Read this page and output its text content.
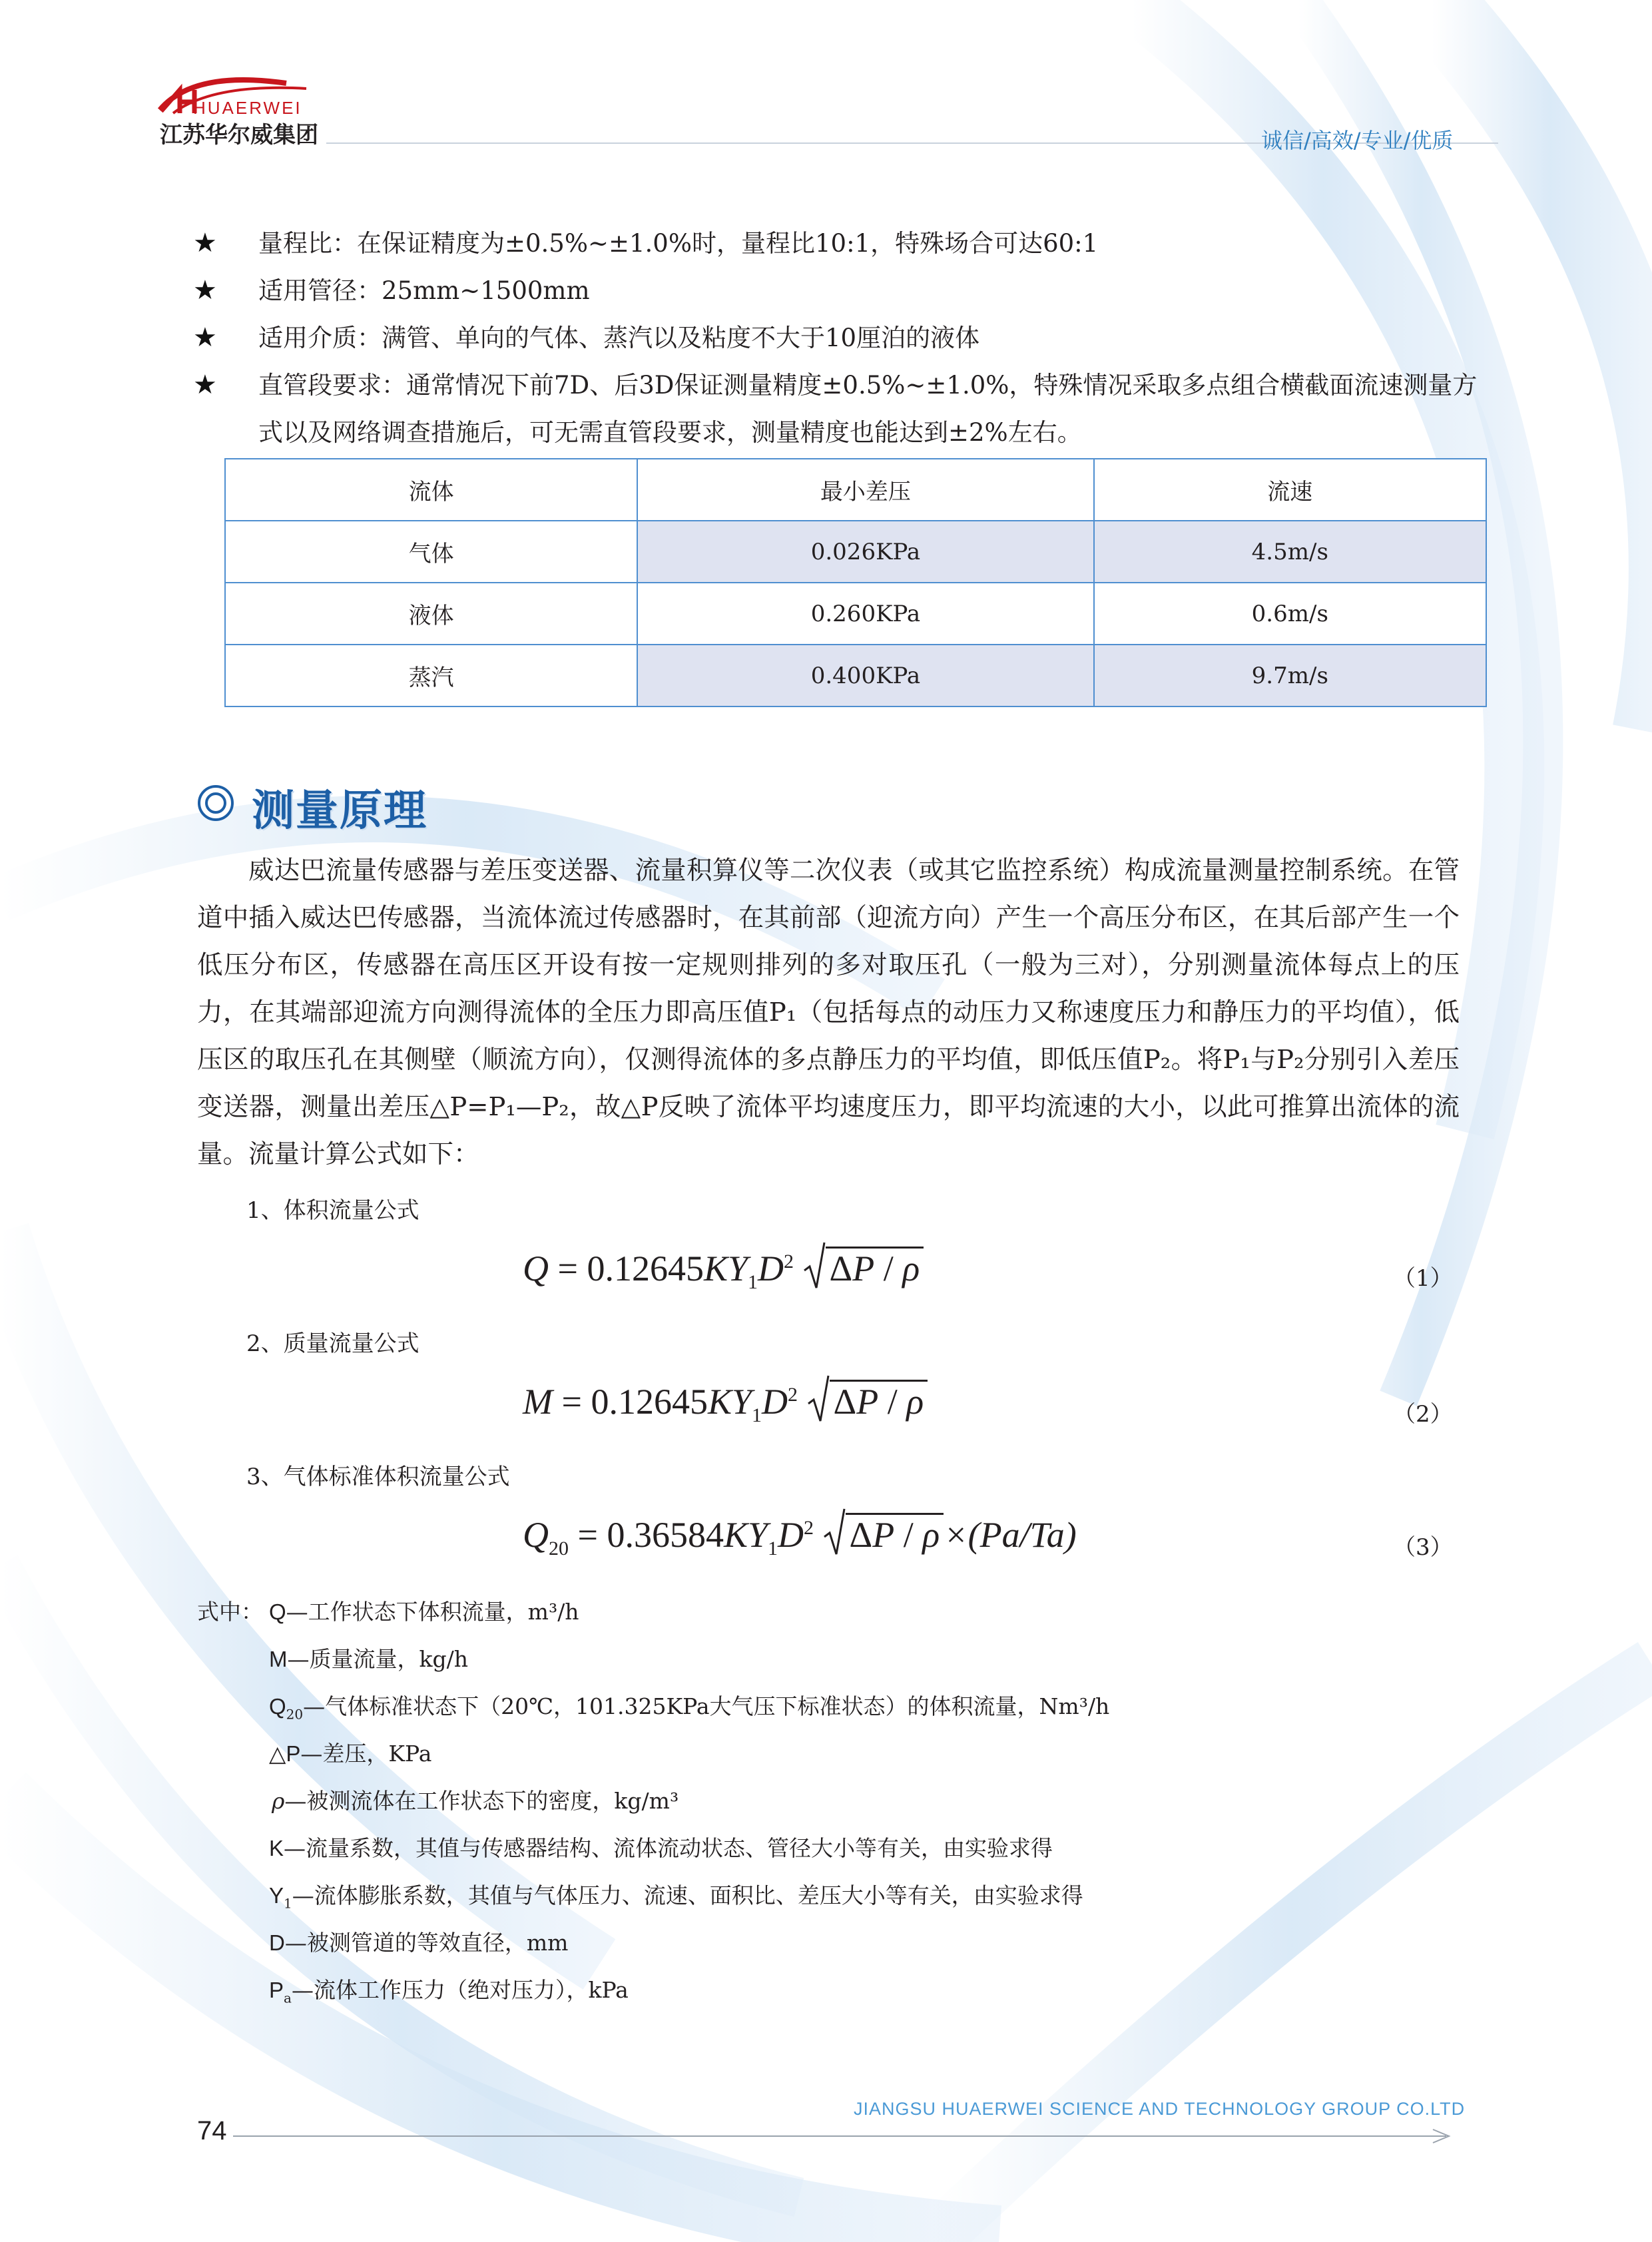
HUAERWEI
江苏华尔威集团	诚信/高效/专业/优质
★ 量程比：在保证精度为±0.5%~±1.0%时，量程比10:1，特殊场合可达60:1
★ 适用管径：25mm~1500mm
★ 适用介质：满管、单向的气体、蒸汽以及粘度不大于10厘泊的液体
★ 直管段要求：通常情况下前7D、后3D保证测量精度±0.5%~±1.0%，特殊情况采取多点组合横截面流速测量方式以及网络调查措施后，可无需直管段要求，测量精度也能达到±2%左右。
流体	最小差压	流速
气体	0.026KPa	4.5m/s
液体	0.260KPa	0.6m/s
蒸汽	0.400KPa	9.7m/s
测量原理

威达巴流量传感器与差压变送器、流量积算仪等二次仪表（或其它监控系统）构成流量测量控制系统。在管道中插入威达巴传感器，当流体流过传感器时，在其前部（迎流方向）产生一个高压分布区，在其后部产生一个低压分布区，传感器在高压区开设有按一定规则排列的多对取压孔（一般为三对），分别测量流体每点上的压力，在其端部迎流方向测得流体的全压力即高压值P₁（包括每点的动压力又称速度压力和静压力的平均值），低压区的取压孔在其侧壁（顺流方向），仅测得流体的多点静压力的平均值，即低压值P₂。将P₁与P₂分别引入差压变送器，测量出差压△P=P₁—P₂，故△P反映了流体平均速度压力，即平均流速的大小，以此可推算出流体的流量。流量计算公式如下：

1、体积流量公式
$Q = 0.12645KY_1D^2$ ΔP / ρ	（1）
2、质量流量公式
$M = 0.12645KY_1D^2$ ΔP / ρ	（2）
3、气体标准体积流量公式
$Q_{20} = 0.36584KY_1D^2$ ΔP / ρ ×(Pa/Ta)	（3）
式中： Q—工作状态下体积流量，m³/h
M—质量流量，kg/h
$Q_{20}—$气体标准状态下（20℃，101.325KPa大气压下标准状态）的体积流量，Nm³/h
△P—差压，KPa
ρ—被测流体在工作状态下的密度，kg/m³
K—流量系数，其值与传感器结构、流体流动状态、管径大小等有关，由实验求得
$Y_1—$流体膨胀系数，其值与气体压力、流速、面积比、差压大小等有关，由实验求得
D—被测管道的等效直径，mm
$P_a—$流体工作压力（绝对压力），kPa
JIANGSU HUAERWEI SCIENCE AND TECHNOLOGY GROUP CO.LTD
74
